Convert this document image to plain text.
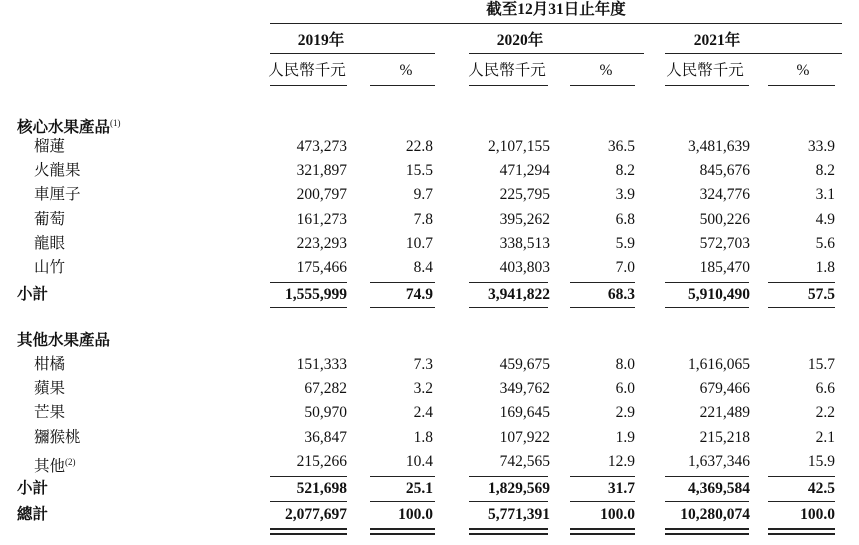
截至12月31日止年度
2019年
人民幣千元	%
2020年
人民幣千元	%
2021年
人民幣千元	%
核心水果產品$^{(1)}$
榴蓮	473,273	22.8	2,107,155	36.5	3,481,639	33.9
火龍果	321,897	15.5	471,294	8.2	845,676	8.2
車厘子	200,797	9.7	225,795	3.9	324,776	3.1
葡萄	161,273	7.8	395,262	6.8	500,226	4.9
龍眼	223,293	10.7	338,513	5.9	572,703	5.6
山竹	175,466	8.4	403,803	7.0	185,470	1.8
小計	1,555,999	74.9	3,941,822	68.3	5,910,490	57.5
其他水果產品
柑橘	151,333	7.3	459,675	8.0	1,616,065	15.7
蘋果	67,282	3.2	349,762	6.0	679,466	6.6
芒果	50,970	2.4	169,645	2.9	221,489	2.2
獼猴桃	36,847	1.8	107,922	1.9	215,218	2.1
其他$^{(2)}$	215,266	10.4	742,565	12.9	1,637,346	15.9
小計	521,698	25.1	1,829,569	31.7	4,369,584	42.5
總計	2,077,697	100.0	5,771,391	100.0	10,280,074	100.0
